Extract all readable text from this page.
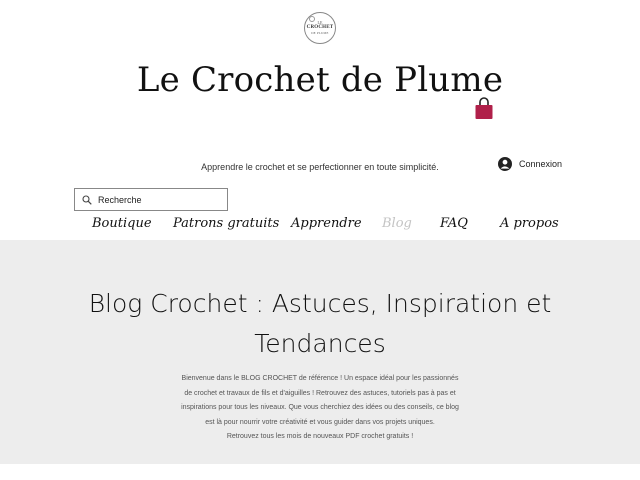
LE
CROCHET
DE PLUME
Le Crochet de Plume
Apprendre le crochet et se perfectionner en toute simplicité.	Connexion
Recherche
Boutique Patrons gratuits Apprendre Blog FAQ A propos
Blog Crochet : Astuces, Inspiration et
Tendances

Bienvenue dans le BLOG CROCHET de référence ! Un espace idéal pour les passionnés

de crochet et travaux de fils et d'aiguilles ! Retrouvez des astuces, tutoriels pas à pas et

inspirations pour tous les niveaux. Que vous cherchiez des idées ou des conseils, ce blog

est là pour nourrir votre créativité et vous guider dans vos projets uniques.

Retrouvez tous les mois de nouveaux PDF crochet gratuits !
